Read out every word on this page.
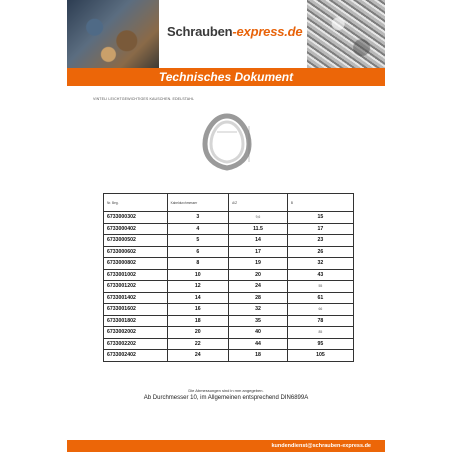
Schrauben-express.de
Technisches Dokument
VINTELI LEICHTGEWICHTIGES KAUSCHEN. EDELSTAHL
Nr. Beg.	Kabeldurchmesser	A/Z	B
6733000302	3	9,6	15
6733000402	4	11.5	17
6733000502	5	14	23
6733000602	6	17	26
6733000802	8	19	32
6733001002	10	20	43
6733001202	12	24	55
6733001402	14	28	61
6733001602	16	32	66
6733001802	18	35	78
6733002002	20	40	85
6733002202	22	44	95
6733002402	24	18	105
Die Abmessungen sind in mm angegeben.
Ab Durchmesser 10, im Allgemeinen entsprechend DIN6899A
kundendienst@schrauben-express.de
